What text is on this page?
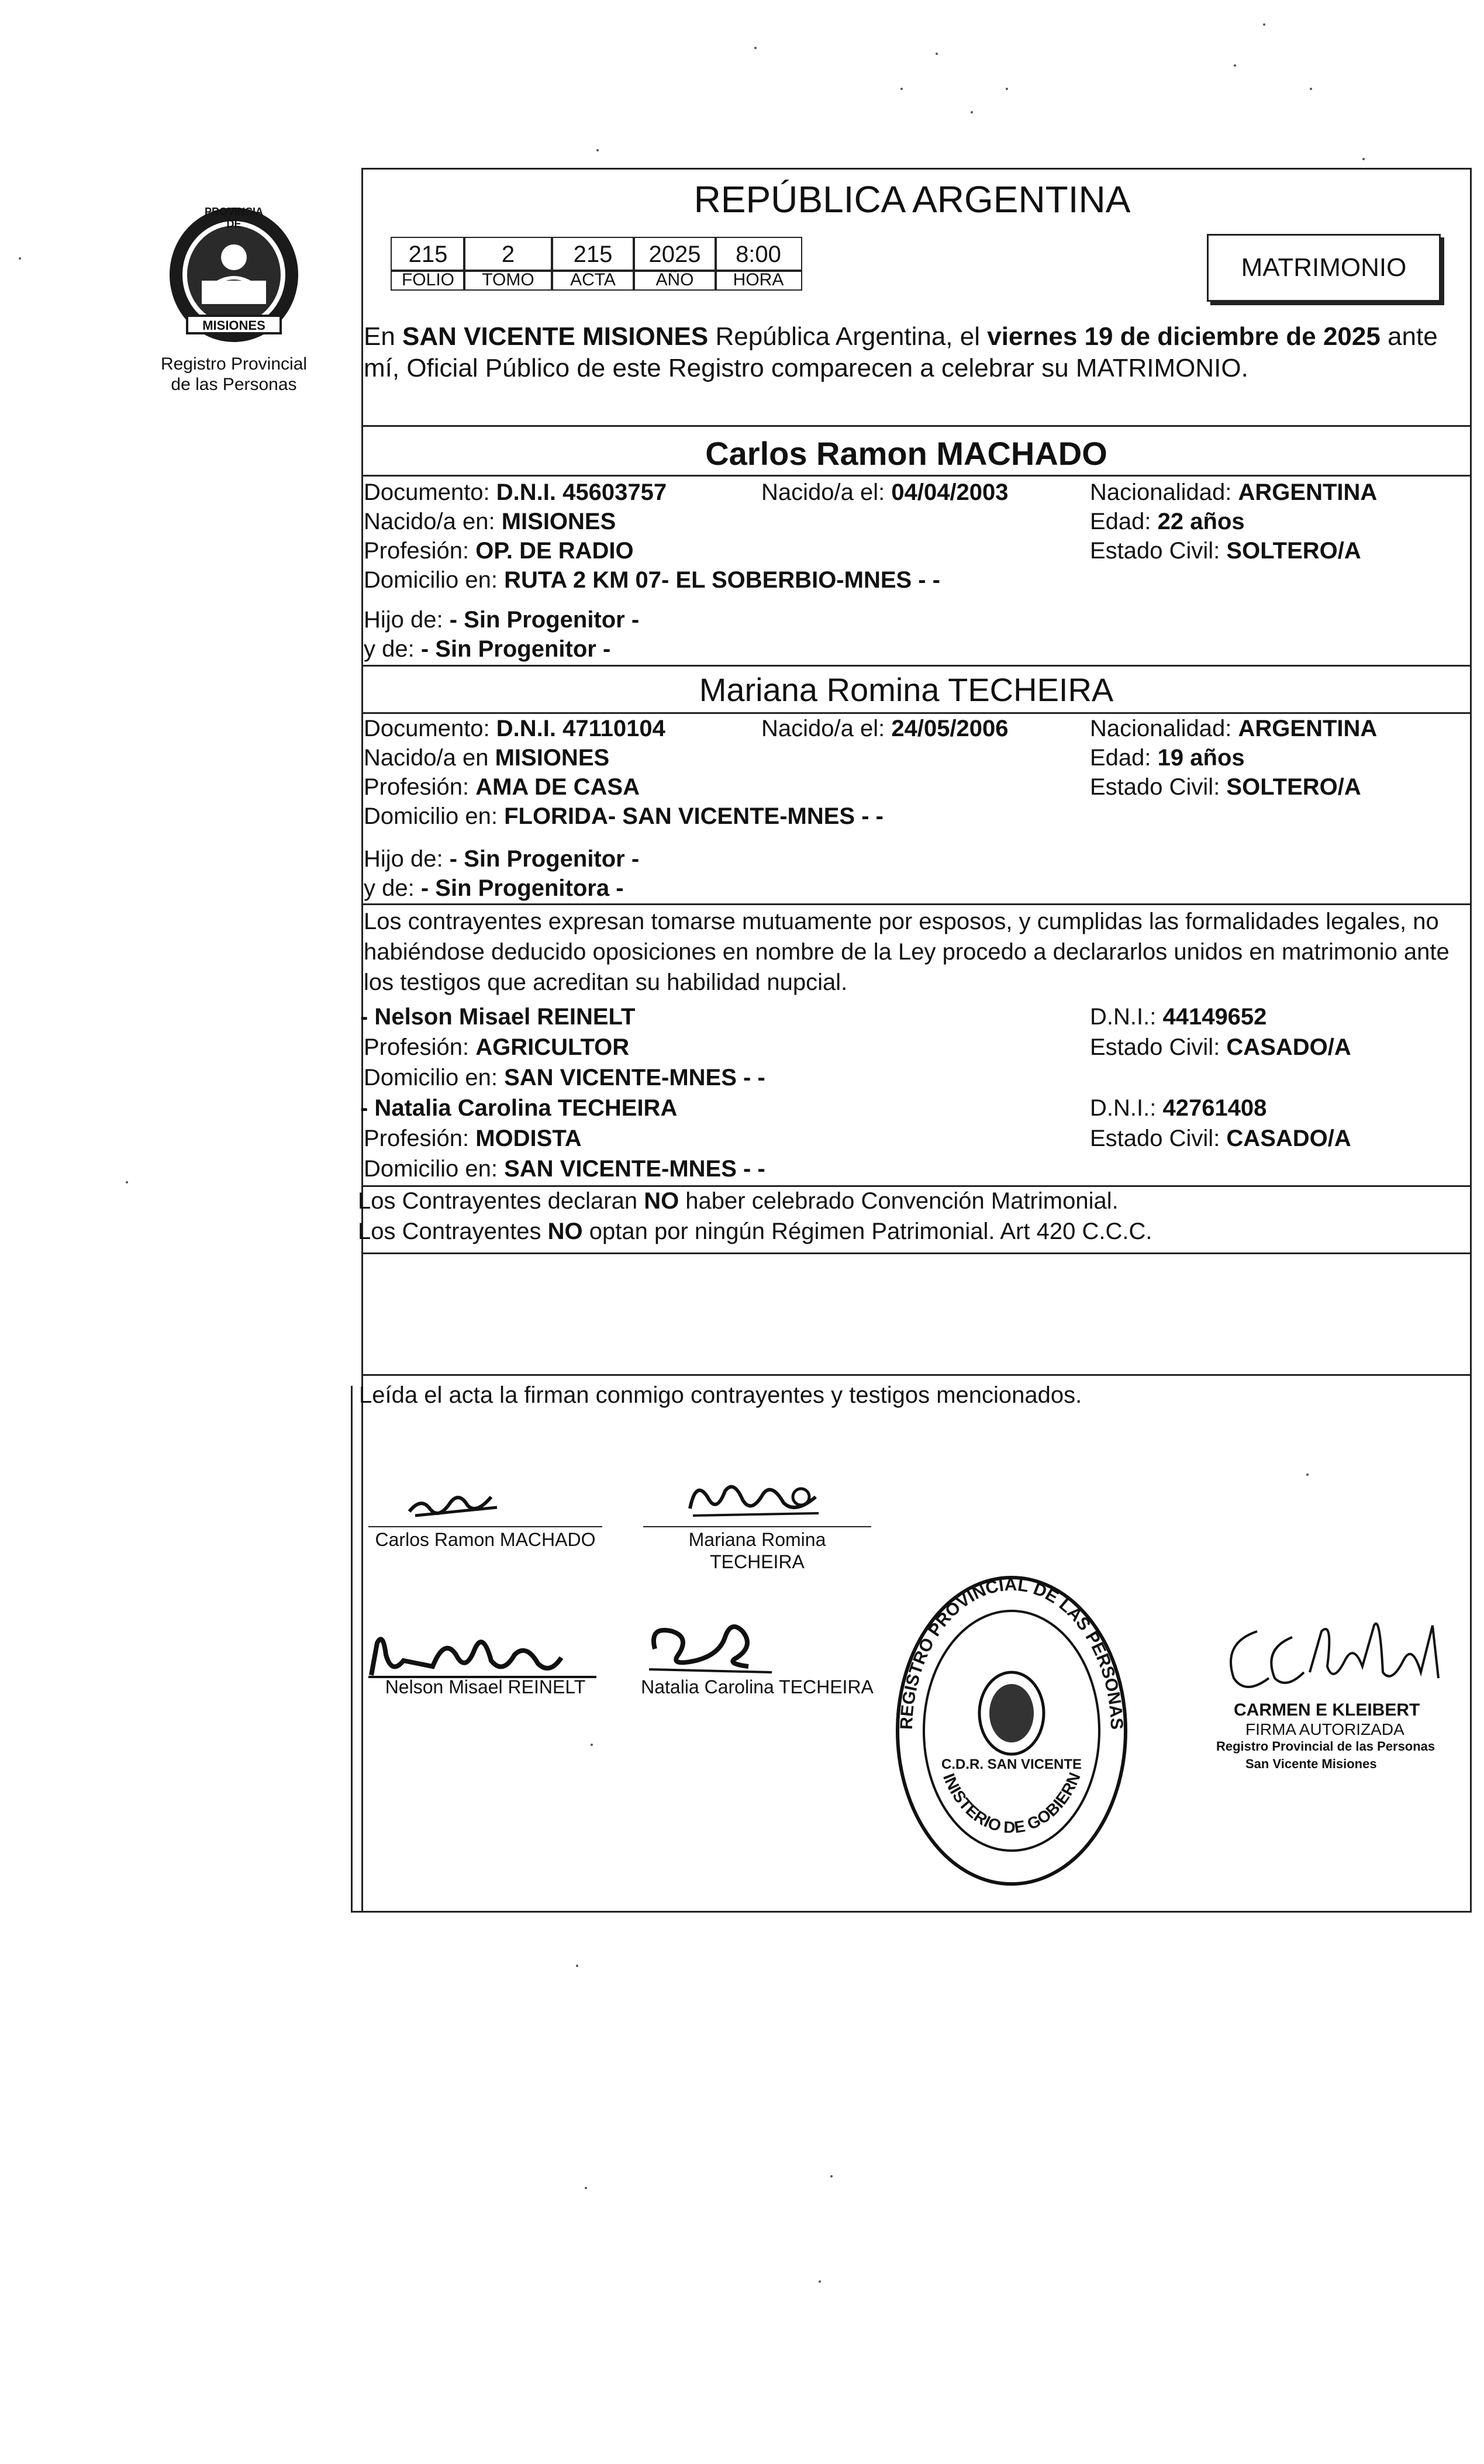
PROVINCIA DE
MISIONES
Registro Provincial
de las Personas
REPÚBLICA ARGENTINA
215	2	215	2025	8:00
FOLIO	TOMO	ACTA	AÑO	HORA	MATRIMONIO
En SAN VICENTE MISIONES República Argentina, el viernes 19 de diciembre de 2025 ante
mí, Oficial Público de este Registro comparecen a celebrar su MATRIMONIO.
Carlos Ramon MACHADO
Documento: D.N.I. 45603757	Nacido/a el: 04/04/2003	Nacionalidad: ARGENTINA
Nacido/a en: MISIONES	Edad: 22 años
Profesión: OP. DE RADIO	Estado Civil: SOLTERO/A
Domicilio en: RUTA 2 KM 07- EL SOBERBIO-MNES - -
Hijo de: - Sin Progenitor -
y de: - Sin Progenitor -
Mariana Romina TECHEIRA
Documento: D.N.I. 47110104	Nacido/a el: 24/05/2006	Nacionalidad: ARGENTINA
Nacido/a en MISIONES	Edad: 19 años
Profesión: AMA DE CASA	Estado Civil: SOLTERO/A
Domicilio en: FLORIDA- SAN VICENTE-MNES - -
Hijo de: - Sin Progenitor -
y de: - Sin Progenitora -
Los contrayentes expresan tomarse mutuamente por esposos, y cumplidas las formalidades legales, no
habiéndose deducido oposiciones en nombre de la Ley procedo a declararlos unidos en matrimonio ante
los testigos que acreditan su habilidad nupcial.
- Nelson Misael REINELT	D.N.I.: 44149652
Profesión: AGRICULTOR	Estado Civil: CASADO/A
Domicilio en: SAN VICENTE-MNES - -
- Natalia Carolina TECHEIRA	D.N.I.: 42761408
Profesión: MODISTA	Estado Civil: CASADO/A
Domicilio en: SAN VICENTE-MNES - -
Los Contrayentes declaran NO haber celebrado Convención Matrimonial.
Los Contrayentes NO optan por ningún Régimen Patrimonial. Art 420 C.C.C.
Leída el acta la firman conmigo contrayentes y testigos mencionados.
Carlos Ramon MACHADO	Mariana Romina
TECHEIRA
Nelson Misael REINELT	Natalia Carolina TECHEIRA
REGISTRO PROVINCIAL DE LAS PERSONAS
INISTERIO DE GOBIERN
C.D.R. SAN VICENTE
CARMEN E KLEIBERT
FIRMA AUTORIZADA
Registro Provincial de las Personas
San Vicente Misiones
